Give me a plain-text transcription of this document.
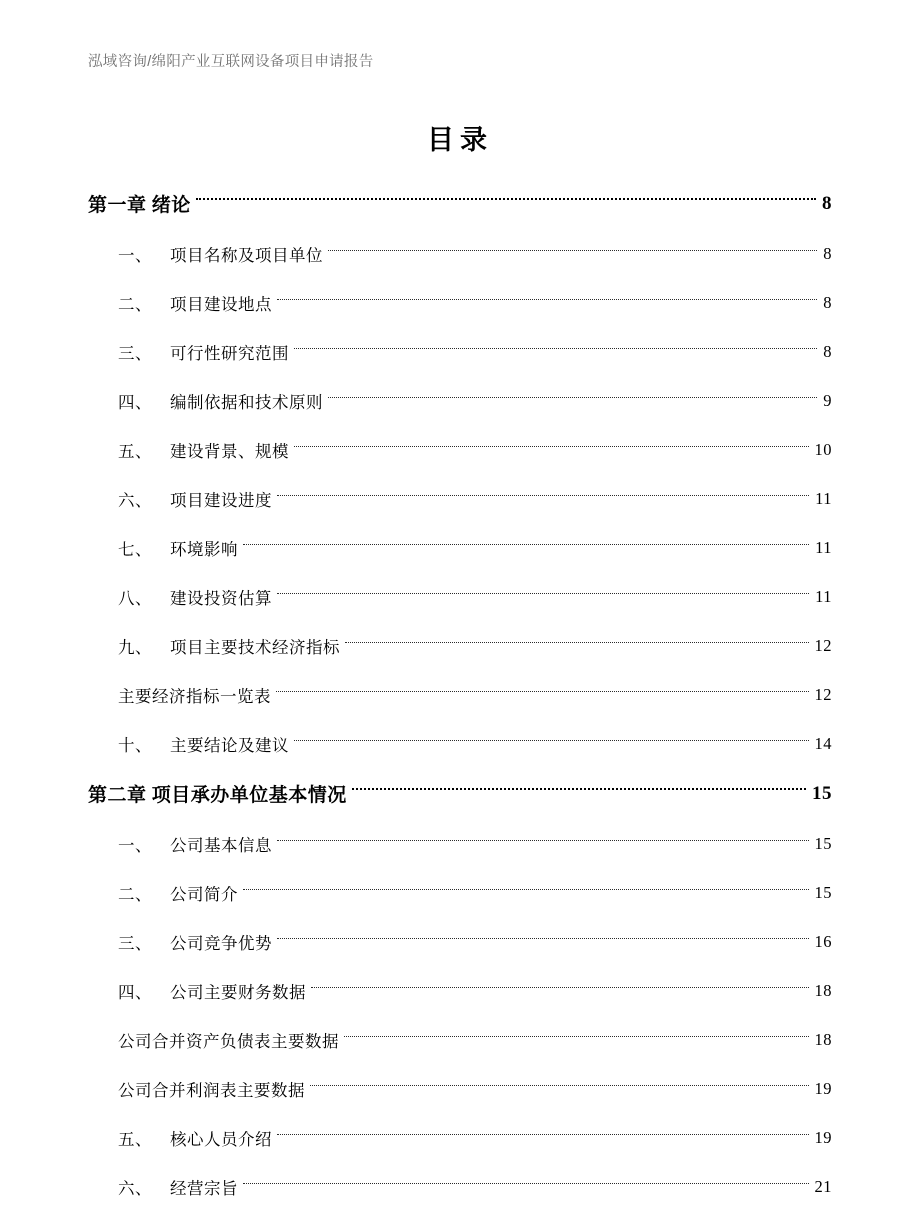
泓域咨询/绵阳产业互联网设备项目申请报告
目录
第一章 绪论	8
一、	项目名称及项目单位	8
二、	项目建设地点	8
三、	可行性研究范围	8
四、	编制依据和技术原则	9
五、	建设背景、规模	10
六、	项目建设进度	11
七、	环境影响	11
八、	建设投资估算	11
九、	项目主要技术经济指标	12
主要经济指标一览表	12
十、	主要结论及建议	14
第二章 项目承办单位基本情况	15
一、	公司基本信息	15
二、	公司简介	15
三、	公司竞争优势	16
四、	公司主要财务数据	18
公司合并资产负债表主要数据	18
公司合并利润表主要数据	19
五、	核心人员介绍	19
六、	经营宗旨	21
